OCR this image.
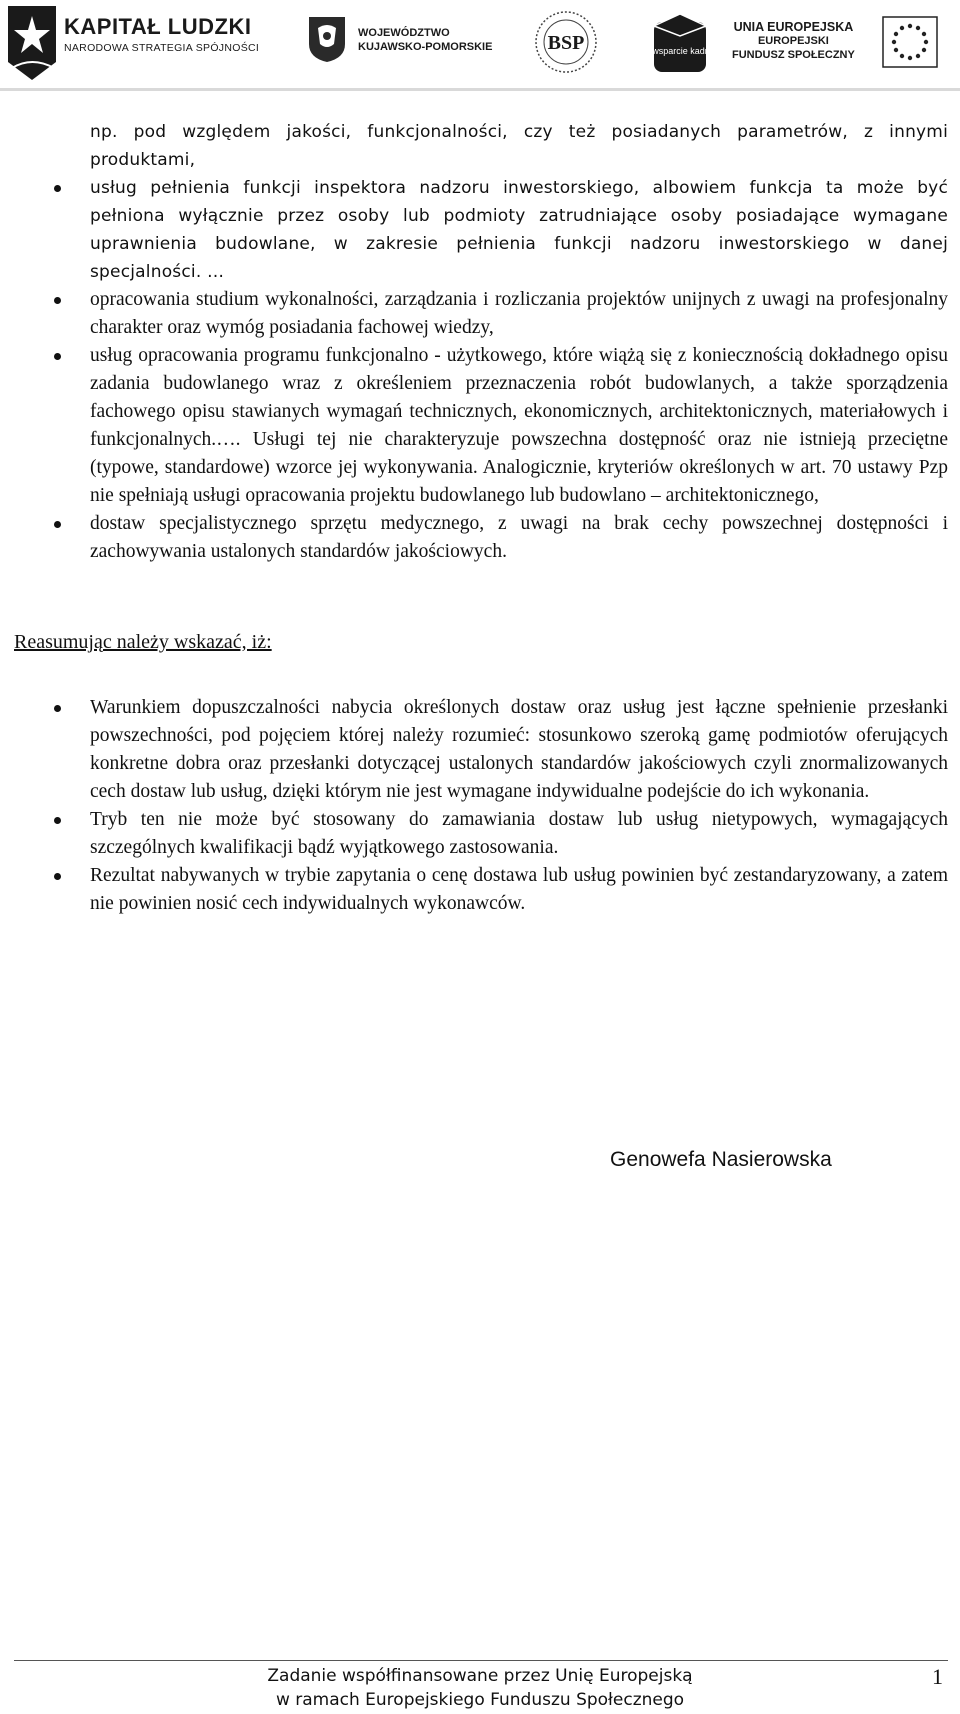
KAPITAŁ LUDZKI
NARODOWA STRATEGIA SPÓJNOŚCI
WOJEWÓDZTWO
KUJAWSKO-POMORSKIE	BSP	wsparcie kadr
UNIA EUROPEJSKA
EUROPEJSKI
FUNDUSZ SPOŁECZNY

np. pod względem jakości, funkcjonalności, czy też posiadanych parametrów, z innymi produktami,

usług pełnienia funkcji inspektora nadzoru inwestorskiego, albowiem funkcja ta może być pełniona wyłącznie przez osoby lub podmioty zatrudniające osoby posiadające wymagane uprawnienia budowlane, w zakresie pełnienia funkcji nadzoru inwestorskiego w danej specjalności. …
opracowania studium wykonalności, zarządzania i rozliczania projektów unijnych z uwagi na profesjonalny charakter oraz wymóg posiadania fachowej wiedzy,
usług opracowania programu funkcjonalno - użytkowego, które wiążą się z koniecznością dokładnego opisu zadania budowlanego wraz z określeniem przeznaczenia robót budowlanych, a także sporządzenia fachowego opisu stawianych wymagań technicznych, ekonomicznych, architektonicznych, materiałowych i funkcjonalnych.…. Usługi tej nie charakteryzuje powszechna dostępność oraz nie istnieją przeciętne (typowe, standardowe) wzorce jej wykonywania. Analogicznie, kryteriów określonych w art. 70 ustawy Pzp nie spełniają usługi opracowania projektu budowlanego lub budowlano – architektonicznego,
dostaw specjalistycznego sprzętu medycznego, z uwagi na brak cechy powszechnej dostępności i zachowywania ustalonych standardów jakościowych.

Reasumując należy wskazać, iż:

Warunkiem dopuszczalności nabycia określonych dostaw oraz usług jest łączne spełnienie przesłanki powszechności, pod pojęciem której należy rozumieć: stosunkowo szeroką gamę podmiotów oferujących konkretne dobra oraz przesłanki dotyczącej ustalonych standardów jakościowych czyli znormalizowanych cech dostaw lub usług, dzięki którym nie jest wymagane indywidualne podejście do ich wykonania.
Tryb ten nie może być stosowany do zamawiania dostaw lub usług nietypowych, wymagających szczególnych kwalifikacji bądź wyjątkowego zastosowania.
Rezultat nabywanych w trybie zapytania o cenę dostawa lub usług powinien być zestandaryzowany, a zatem nie powinien nosić cech indywidualnych wykonawców.
Genowefa Nasierowska
Zadanie współfinansowane przez Unię Europejską
w ramach Europejskiego Funduszu Społecznego
1
